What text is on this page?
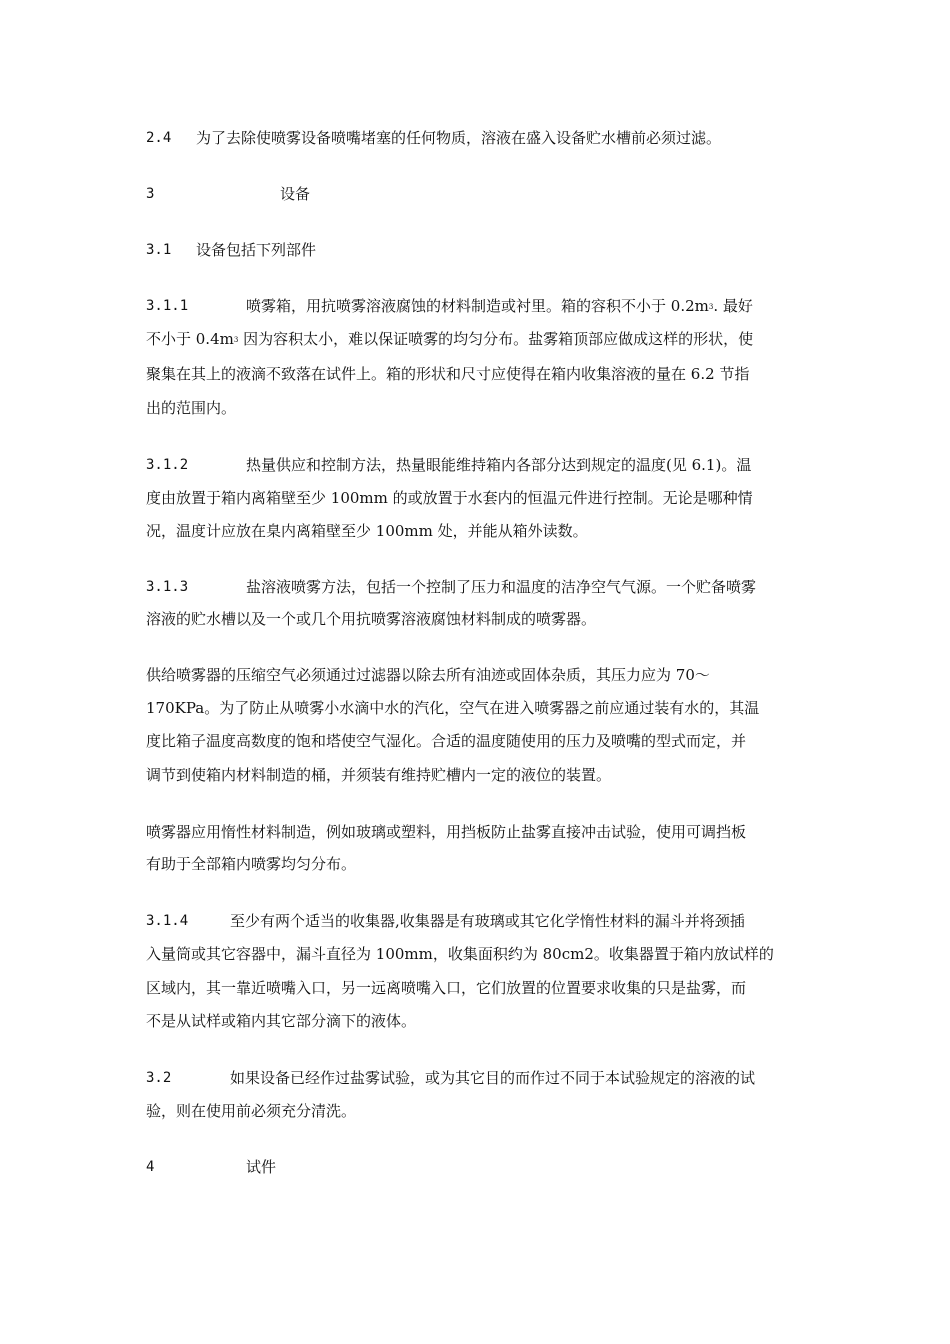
2.4 为了去除使喷雾设备喷嘴堵塞的任何物质，溶液在盛入设备贮水槽前必须过滤。
3	设备
3.1 设备包括下列部件
3.1.1	喷雾箱，用抗喷雾溶液腐蚀的材料制造或衬里。箱的容积不小于 $0.2m^3$. 最好
不小于 $0.4m^3$ 因为容积太小，难以保证喷雾的均匀分布。盐雾箱顶部应做成这样的形状，使
聚集在其上的液滴不致落在试件上。箱的形状和尺寸应使得在箱内收集溶液的量在 6.2 节指
出的范围内。
3.1.2	热量供应和控制方法，热量眼能维持箱内各部分达到规定的温度(见 6.1)。温
度由放置于箱内离箱壁至少 100mm 的或放置于水套内的恒温元件进行控制。无论是哪种情
况，温度计应放在臬内离箱壁至少 100mm 处，并能从箱外读数。
3.1.3	盐溶液喷雾方法，包括一个控制了压力和温度的洁净空气气源。一个贮备喷雾
溶液的贮水槽以及一个或几个用抗喷雾溶液腐蚀材料制成的喷雾器。
供给喷雾器的压缩空气必须通过过滤器以除去所有油迹或固体杂质，其压力应为 70～
170KPa。为了防止从喷雾小水滴中水的汽化，空气在进入喷雾器之前应通过装有水的，其温
度比箱子温度高数度的饱和塔使空气湿化。合适的温度随使用的压力及喷嘴的型式而定，并
调节到使箱内材料制造的桶，并须装有维持贮槽内一定的液位的装置。
喷雾器应用惰性材料制造，例如玻璃或塑料，用挡板防止盐雾直接冲击试验，使用可调挡板
有助于全部箱内喷雾均匀分布。
3.1.4	至少有两个适当的收集器,收集器是有玻璃或其它化学惰性材料的漏斗并将颈插
入量筒或其它容器中，漏斗直径为 100mm，收集面积约为 80cm2。收集器置于箱内放试样的
区域内，其一靠近喷嘴入口，另一远离喷嘴入口，它们放置的位置要求收集的只是盐雾，而
不是从试样或箱内其它部分滴下的液体。
3.2	如果设备已经作过盐雾试验，或为其它目的而作过不同于本试验规定的溶液的试
验，则在使用前必须充分清洗。
4	试件
